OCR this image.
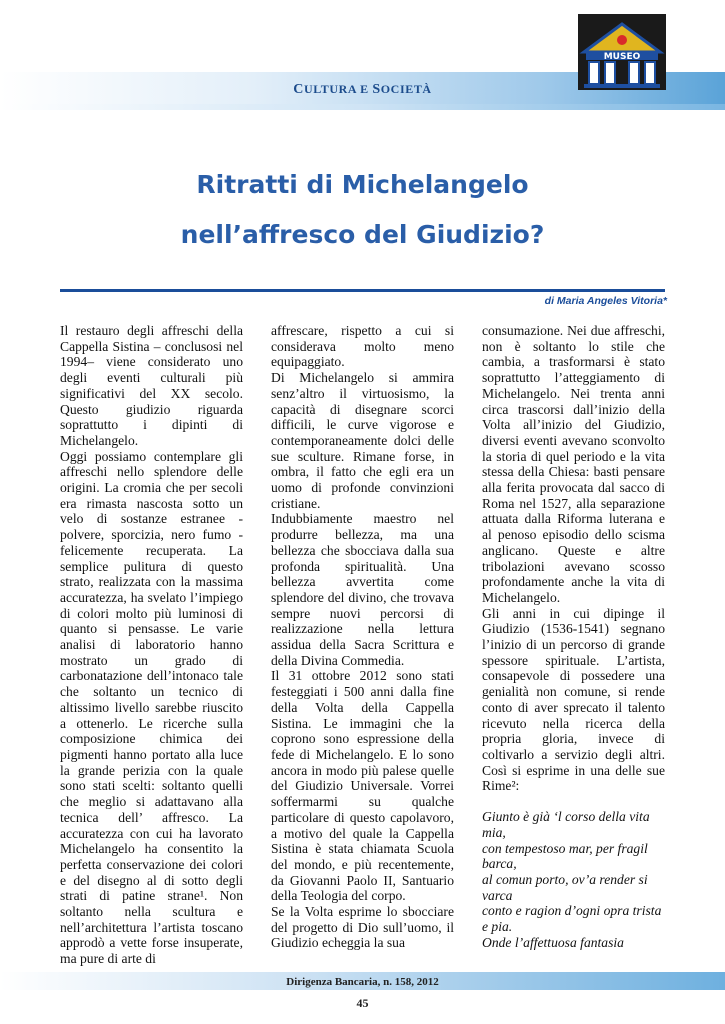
CULTURA E SOCIETÀ
MUSEO
Ritratti di Michelangelo
nell’affresco del Giudizio?
di Maria Angeles Vitoria*

Il restauro degli affreschi della Cappella Sistina – conclusosi nel 1994– viene considerato uno degli eventi culturali più significativi del XX secolo. Questo giudizio riguarda soprattutto i dipinti di Michelangelo.

Oggi possiamo contemplare gli affreschi nello splendore delle origini. La cromia che per secoli era rimasta nascosta sotto un velo di sostanze estranee - polvere, sporcizia, nero fumo - felicemente recuperata. La semplice pulitura di questo strato, realizzata con la massima accuratezza, ha svelato l’impiego di colori molto più luminosi di quanto si pensasse. Le varie analisi di laboratorio hanno mostrato un grado di carbonatazione dell’intonaco tale che soltanto un tecnico di altissimo livello sarebbe riuscito a ottenerlo. Le ricerche sulla composizione chimica dei pigmenti hanno portato alla luce la grande perizia con la quale sono stati scelti: soltanto quelli che meglio si adattavano alla tecnica dell’ affresco. La accuratezza con cui ha lavorato Michelangelo ha consentito la perfetta conservazione dei colori e del disegno al di sotto degli strati di patine strane¹. Non soltanto nella scultura e nell’architettura l’artista toscano approdò a vette forse insuperate, ma pure di arte di

affrescare, rispetto a cui si considerava molto meno equipaggiato.

Di Michelangelo si ammira senz’altro il virtuosismo, la capacità di disegnare scorci difficili, le curve vigorose e contemporaneamente dolci delle sue sculture. Rimane forse, in ombra, il fatto che egli era un uomo di profonde convinzioni cristiane.

Indubbiamente maestro nel produrre bellezza, ma una bellezza che sbocciava dalla sua profonda spiritualità. Una bellezza avvertita come splendore del divino, che trovava sempre nuovi percorsi di realizzazione nella lettura assidua della Sacra Scrittura e della Divina Commedia.

Il 31 ottobre 2012 sono stati festeggiati i 500 anni dalla fine della Volta della Cappella Sistina. Le immagini che la coprono sono espressione della fede di Michelangelo. E lo sono ancora in modo più palese quelle del Giudizio Universale. Vorrei soffermarmi su qualche particolare di questo capolavoro, a motivo del quale la Cappella Sistina è stata chiamata Scuola del mondo, e più recentemente, da Giovanni Paolo II, Santuario della Teologia del corpo.

Se la Volta esprime lo sbocciare del progetto di Dio sull’uomo, il Giudizio echeggia la sua

consumazione. Nei due affreschi, non è soltanto lo stile che cambia, a trasformarsi è stato soprattutto l’atteggiamento di Michelangelo. Nei trenta anni circa trascorsi dall’inizio della Volta all’inizio del Giudizio, diversi eventi avevano sconvolto la storia di quel periodo e la vita stessa della Chiesa: basti pensare alla ferita provocata dal sacco di Roma nel 1527, alla separazione attuata dalla Riforma luterana e al penoso episodio dello scisma anglicano. Queste e altre tribolazioni avevano scosso profondamente anche la vita di Michelangelo.

Gli anni in cui dipinge il Giudizio (1536-1541) segnano l’inizio di un percorso di grande spessore spirituale. L’artista, consapevole di possedere una genialità non comune, si rende conto di aver sprecato il talento ricevuto nella ricerca della propria gloria, invece di coltivarlo a servizio degli altri. Così si esprime in una delle sue Rime²:

Giunto è già ‘l corso della vita mia,

con tempestoso mar, per fragil barca,

al comun porto, ov’a render si varca

conto e ragion d’ogni opra trista e pia.

Onde l’affettuosa fantasia

Dirigenza Bancaria, n. 158, 2012
45
